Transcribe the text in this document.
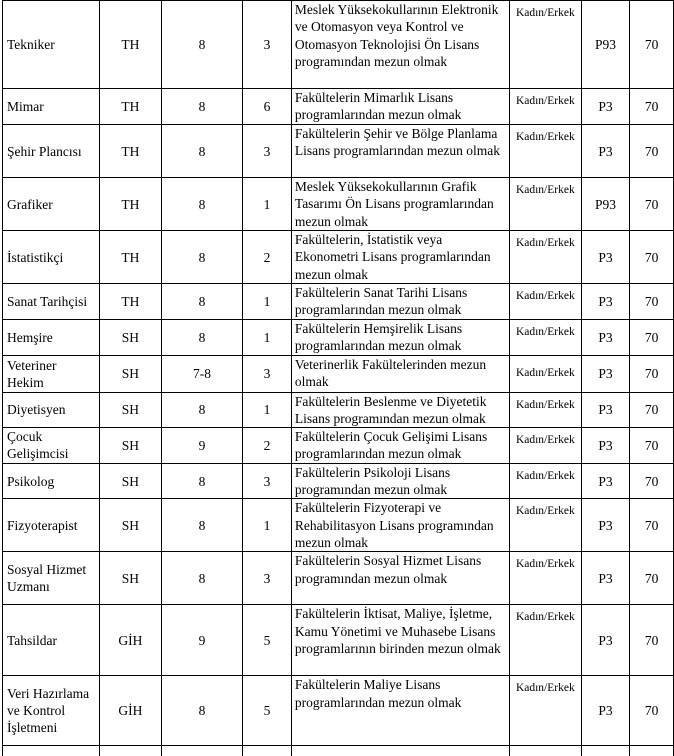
Tekniker	TH	8	3	Meslek Yüksekokullarının Elektronik ve Otomasyon veya Kontrol ve Otomasyon Teknolojisi Ön Lisans programından mezun olmak	Kadın/Erkek	P93	70
Mimar	TH	8	6	Fakültelerin Mimarlık Lisans programlarından mezun olmak	Kadın/Erkek	P3	70
Şehir Plancısı	TH	8	3	Fakültelerin Şehir ve Bölge Planlama Lisans programlarından mezun olmak	Kadın/Erkek	P3	70
Grafiker	TH	8	1	Meslek Yüksekokullarının Grafik Tasarımı Ön Lisans programlarından mezun olmak	Kadın/Erkek	P93	70
İstatistikçi	TH	8	2	Fakültelerin, İstatistik veya Ekonometri Lisans programlarından mezun olmak	Kadın/Erkek	P3	70
Sanat Tarihçisi	TH	8	1	Fakültelerin Sanat Tarihi Lisans programlarından mezun olmak	Kadın/Erkek	P3	70
Hemşire	SH	8	1	Fakültelerin Hemşirelik Lisans programlarından mezun olmak	Kadın/Erkek	P3	70
Veteriner Hekim	SH	7-8	3	Veterinerlik Fakültelerinden mezun olmak	Kadın/Erkek	P3	70
Diyetisyen	SH	8	1	Fakültelerin Beslenme ve Diyetetik Lisans programından mezun olmak	Kadın/Erkek	P3	70
Çocuk Gelişimcisi	SH	9	2	Fakültelerin Çocuk Gelişimi Lisans programlarından mezun olmak	Kadın/Erkek	P3	70
Psikolog	SH	8	3	Fakültelerin Psikoloji Lisans programından mezun olmak	Kadın/Erkek	P3	70
Fizyoterapist	SH	8	1	Fakültelerin Fizyoterapi ve Rehabilitasyon Lisans programından mezun olmak	Kadın/Erkek	P3	70
Sosyal Hizmet Uzmanı	SH	8	3	Fakültelerin Sosyal Hizmet Lisans programından mezun olmak	Kadın/Erkek	P3	70
Tahsildar	GİH	9	5	Fakültelerin İktisat, Maliye, İşletme, Kamu Yönetimi ve Muhasebe Lisans programlarının birinden mezun olmak	Kadın/Erkek	P3	70
Veri Hazırlama ve Kontrol İşletmeni	GİH	8	5	Fakültelerin Maliye Lisans programlarından mezun olmak	Kadın/Erkek	P3	70
